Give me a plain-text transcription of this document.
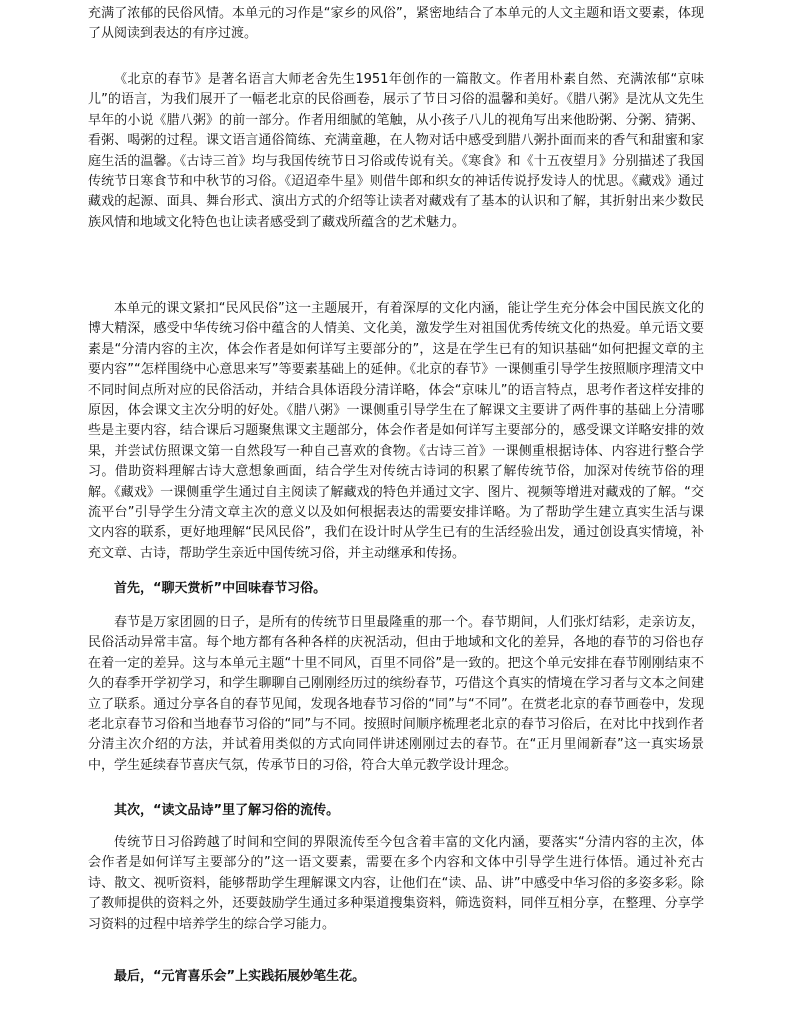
充满了浓郁的民俗风情。本单元的习作是“家乡的风俗”，紧密地结合了本单元的人文主题和语文要素，体现了从阅读到表达的有序过渡。

《北京的春节》是著名语言大师老舍先生1951年创作的一篇散文。作者用朴素自然、充满浓郁“京味儿”的语言，为我们展开了一幅老北京的民俗画卷，展示了节日习俗的温馨和美好。《腊八粥》是沈从文先生早年的小说《腊八粥》的前一部分。作者用细腻的笔触，从小孩子八儿的视角写出来他盼粥、分粥、猜粥、看粥、喝粥的过程。课文语言通俗简练、充满童趣，在人物对话中感受到腊八粥扑面而来的香气和甜蜜和家庭生活的温馨。《古诗三首》均与我国传统节日习俗或传说有关。《寒食》和《十五夜望月》分别描述了我国传统节日寒食节和中秋节的习俗。《迢迢牵牛星》则借牛郎和织女的神话传说抒发诗人的忧思。《藏戏》通过藏戏的起源、面具、舞台形式、演出方式的介绍等让读者对藏戏有了基本的认识和了解，其折射出来少数民族风情和地域文化特色也让读者感受到了藏戏所蕴含的艺术魅力。

本单元的课文紧扣“民风民俗”这一主题展开，有着深厚的文化内涵，能让学生充分体会中国民族文化的博大精深，感受中华传统习俗中蕴含的人情美、文化美，激发学生对祖国优秀传统文化的热爱。单元语文要素是“分清内容的主次，体会作者是如何详写主要部分的”，这是在学生已有的知识基础“如何把握文章的主要内容”“怎样围绕中心意思来写”等要素基础上的延伸。《北京的春节》一课侧重引导学生按照顺序理清文中不同时间点所对应的民俗活动，并结合具体语段分清详略，体会“京味儿”的语言特点，思考作者这样安排的原因，体会课文主次分明的好处。《腊八粥》一课侧重引导学生在了解课文主要讲了两件事的基础上分清哪些是主要内容，结合课后习题聚焦课文主题部分，体会作者是如何详写主要部分的，感受课文详略安排的效果，并尝试仿照课文第一自然段写一种自己喜欢的食物。《古诗三首》一课侧重根据诗体、内容进行整合学习。借助资料理解古诗大意想象画面，结合学生对传统古诗词的积累了解传统节俗，加深对传统节俗的理解。《藏戏》一课侧重学生通过自主阅读了解藏戏的特色并通过文字、图片、视频等增进对藏戏的了解。“交流平台”引导学生分清文章主次的意义以及如何根据表达的需要安排详略。为了帮助学生建立真实生活与课文内容的联系，更好地理解“民风民俗”，我们在设计时从学生已有的生活经验出发，通过创设真实情境，补充文章、古诗，帮助学生亲近中国传统习俗，并主动继承和传扬。

首先，“聊天赏析”中回味春节习俗。

春节是万家团圆的日子，是所有的传统节日里最隆重的那一个。春节期间，人们张灯结彩，走亲访友，民俗活动异常丰富。每个地方都有各种各样的庆祝活动，但由于地域和文化的差异，各地的春节的习俗也存在着一定的差异。这与本单元主题“十里不同风，百里不同俗”是一致的。把这个单元安排在春节刚刚结束不久的春季开学初学习，和学生聊聊自己刚刚经历过的缤纷春节，巧借这个真实的情境在学习者与文本之间建立了联系。通过分享各自的春节见闻，发现各地春节习俗的“同”与“不同”。在赏老北京的春节画卷中，发现老北京春节习俗和当地春节习俗的“同”与不同。按照时间顺序梳理老北京的春节习俗后，在对比中找到作者分清主次介绍的方法，并试着用类似的方式向同伴讲述刚刚过去的春节。在“正月里闹新春”这一真实场景中，学生延续春节喜庆气氛，传承节日的习俗，符合大单元教学设计理念。

其次，“读文品诗”里了解习俗的流传。

传统节日习俗跨越了时间和空间的界限流传至今包含着丰富的文化内涵，要落实“分清内容的主次，体会作者是如何详写主要部分的”这一语文要素，需要在多个内容和文体中引导学生进行体悟。通过补充古诗、散文、视听资料，能够帮助学生理解课文内容，让他们在“读、品、讲”中感受中华习俗的多姿多彩。除了教师提供的资料之外，还要鼓励学生通过多种渠道搜集资料，筛选资料，同伴互相分享，在整理、分享学习资料的过程中培养学生的综合学习能力。

最后，“元宵喜乐会”上实践拓展妙笔生花。
